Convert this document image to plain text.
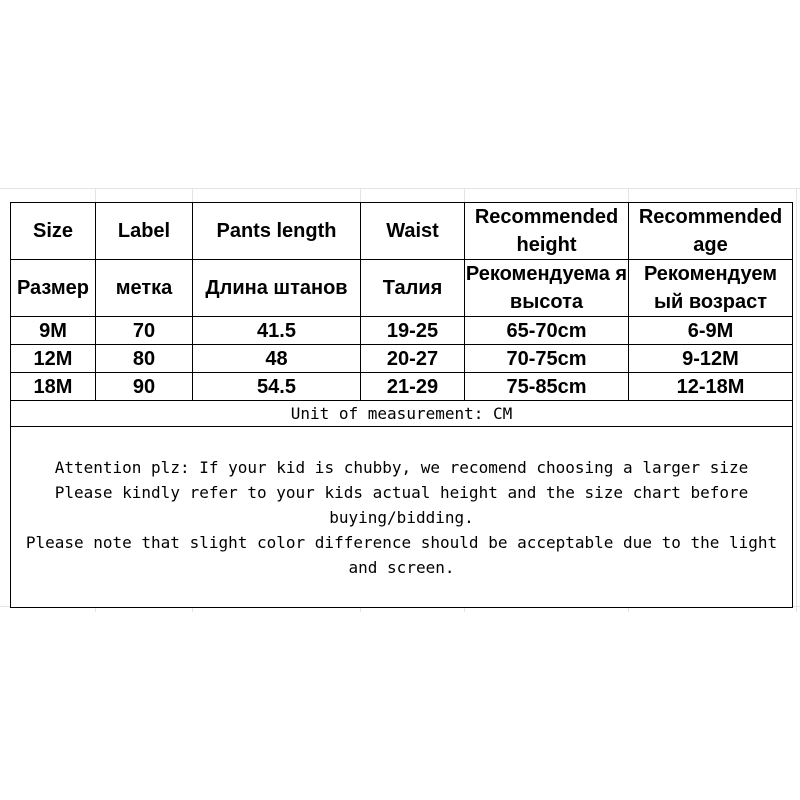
Size	Label	Pants length	Waist	Recommended height	Recommended age
Размер	метка	Длина штанов	Талия	Рекомендуема я высота	Рекомендуем ый возраст
9M	70	41.5	19-25	65-70cm	6-9M
12M	80	48	20-27	70-75cm	9-12M
18M	90	54.5	21-29	75-85cm	12-18M
Unit of measurement: CM					

Attention plz: If your kid is chubby, we recomend choosing a larger size
Please kindly refer to your kids actual height and the size chart before buying/bidding.
Please note that slight color difference should be acceptable due to the light and screen.					
